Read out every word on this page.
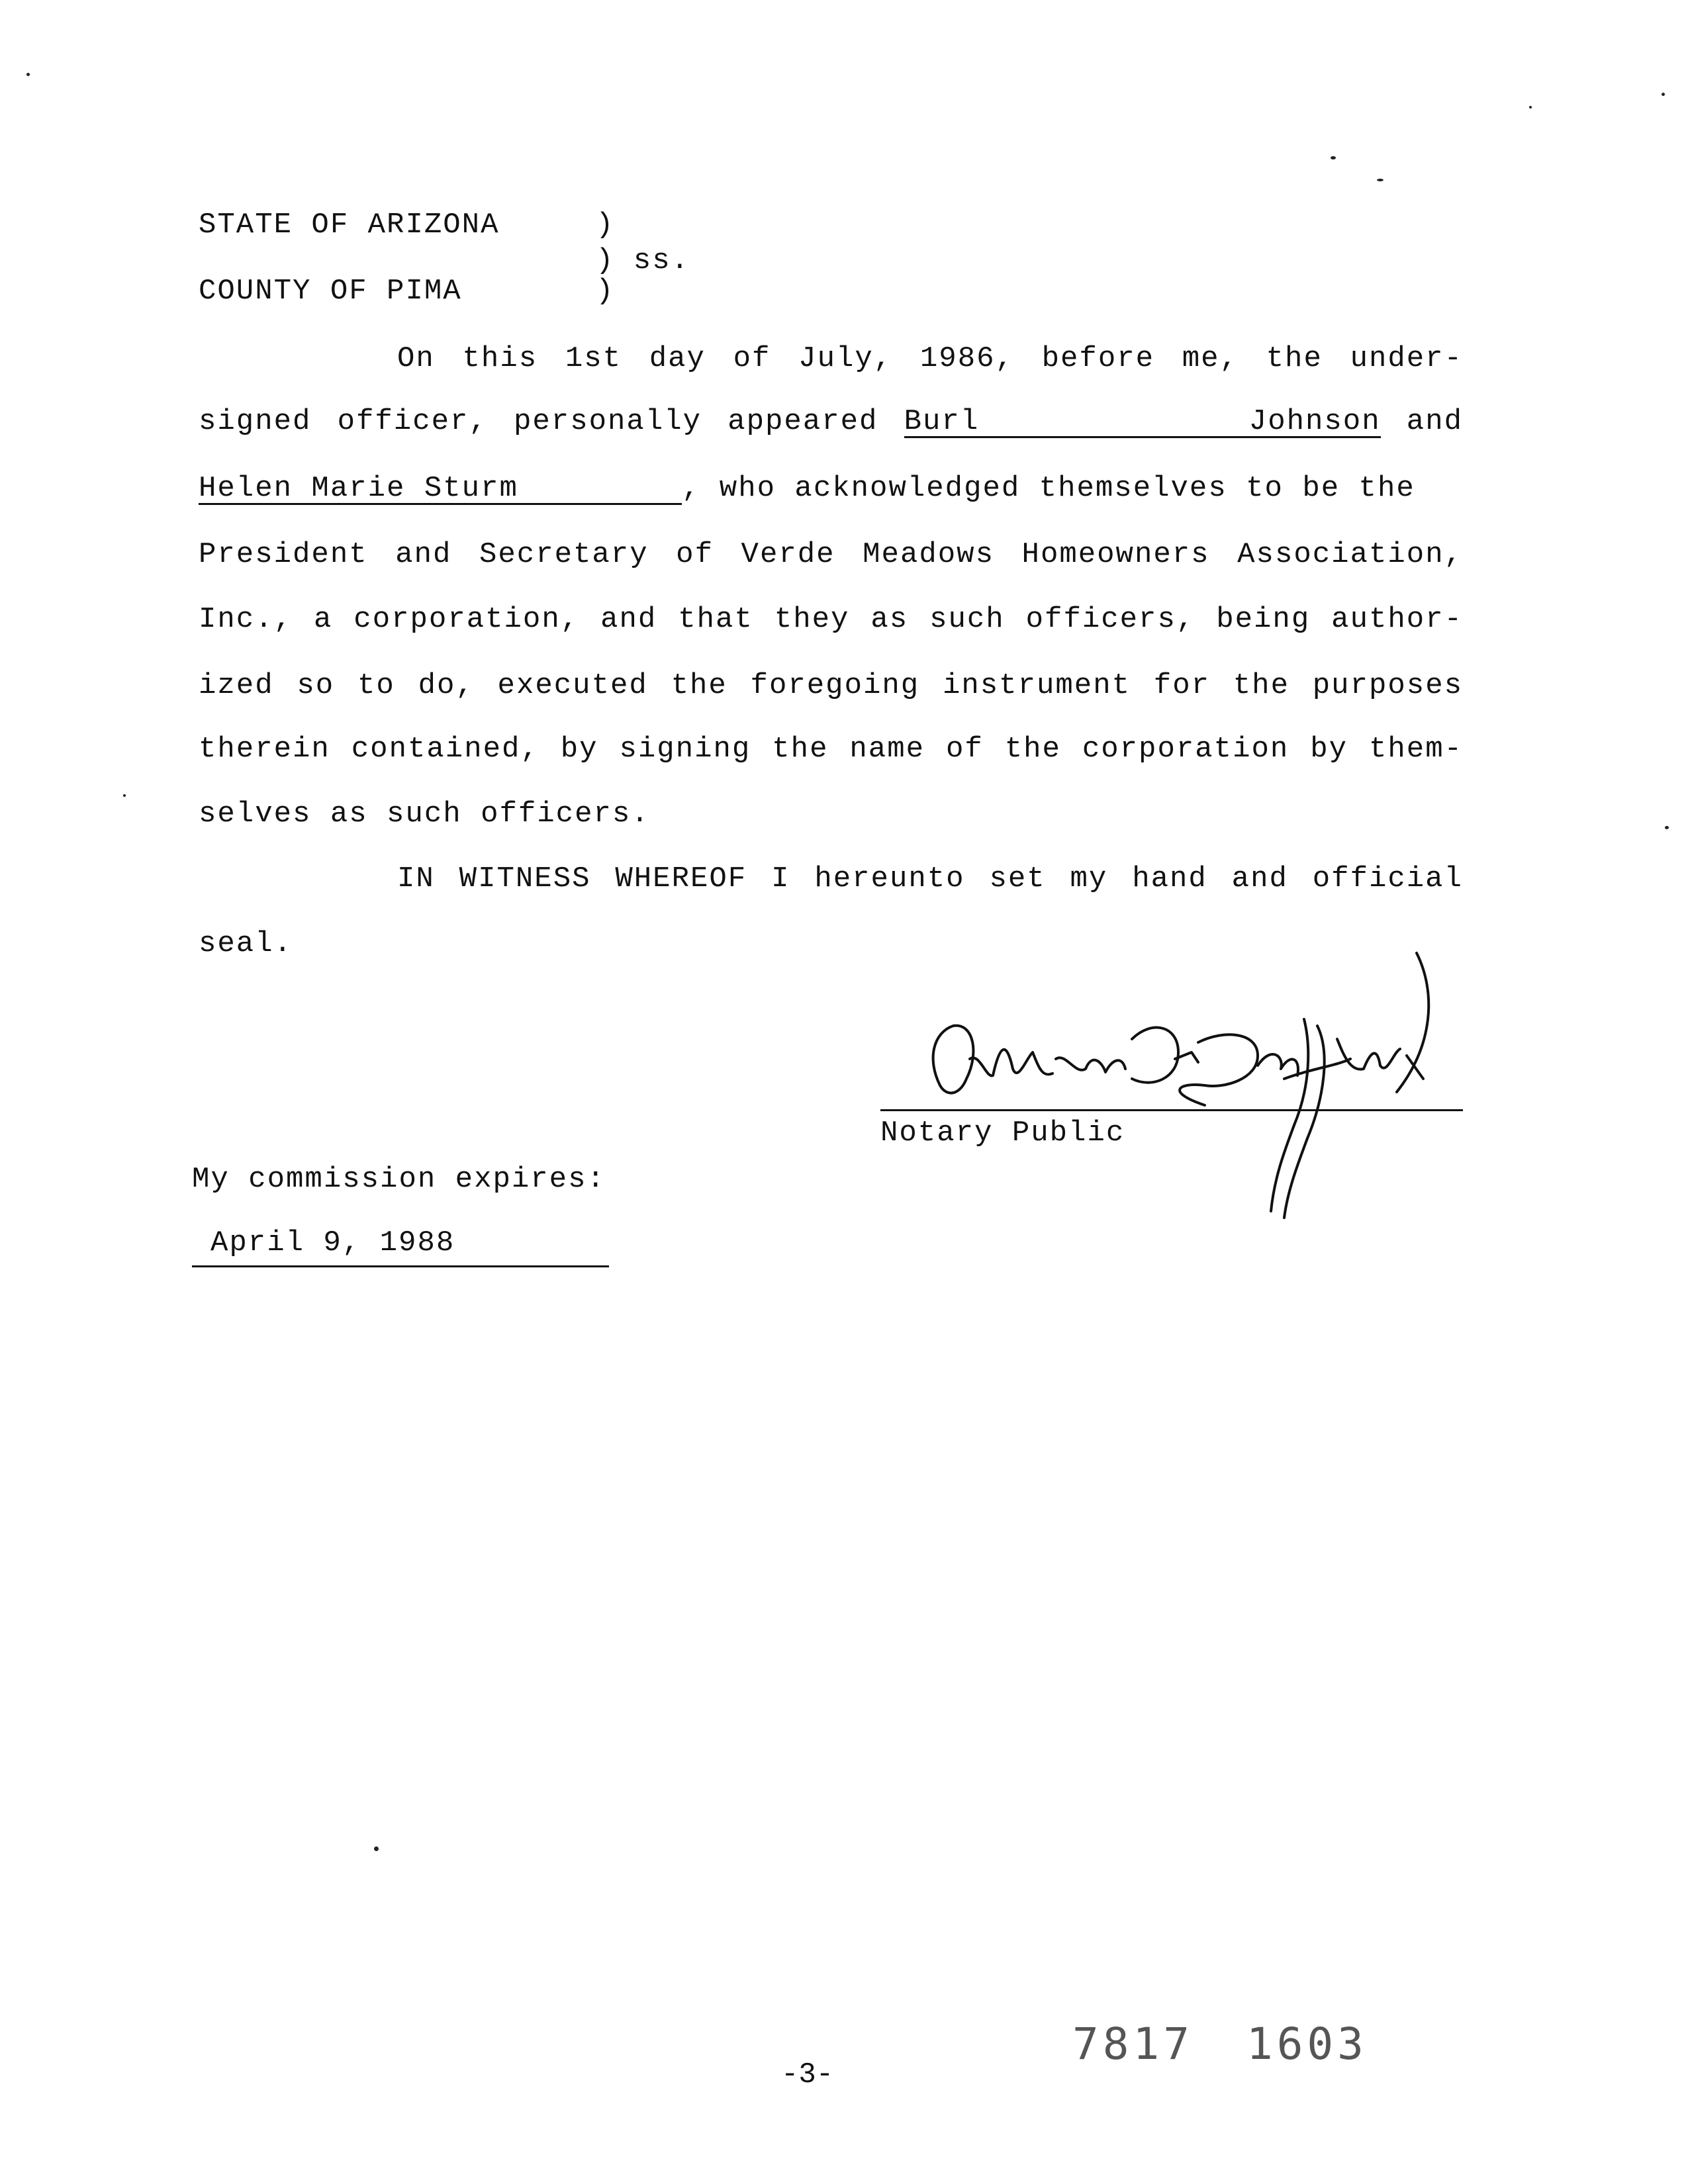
STATE OF ARIZONA	)
) ss.
COUNTY OF PIMA	)
On this 1st day of July, 1986, before me, the under-
signed officer, personally appeared Burl Johnson and
Helen Marie Sturm	, who acknowledged themselves to be the
President and Secretary of Verde Meadows Homeowners Association,
Inc., a corporation, and that they as such officers, being author-
ized so to do, executed the foregoing instrument for the purposes
therein contained, by signing the name of the corporation by them-
selves as such officers.
IN WITNESS WHEREOF I hereunto set my hand and official
seal.
Notary Public
My commission expires:
April 9, 1988
7817 1603
-3-
